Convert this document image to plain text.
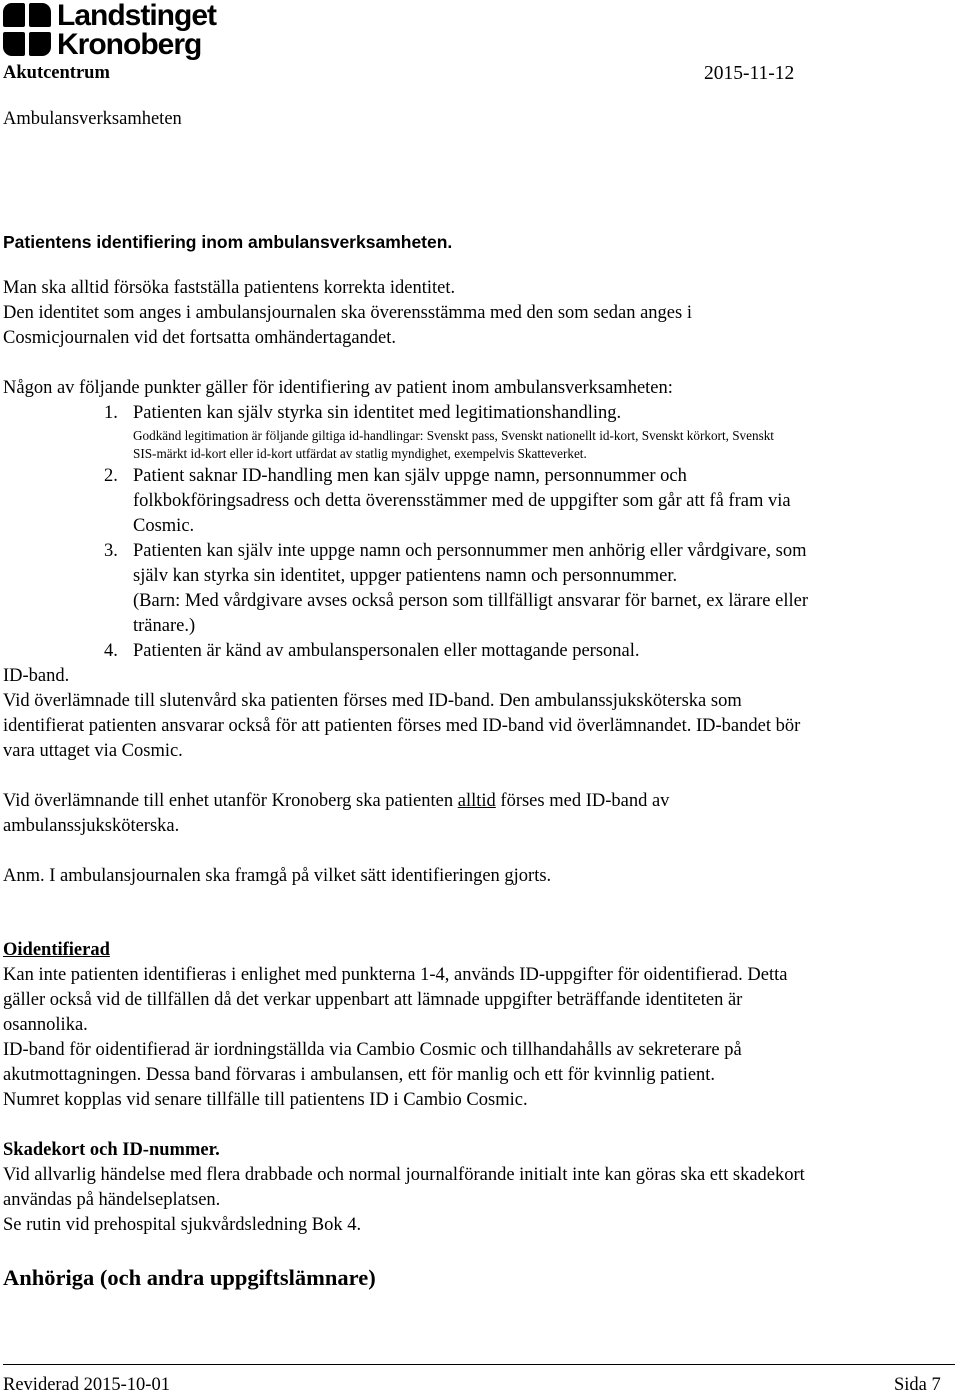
Landstinget
Kronoberg
Akutcentrum	2015-11-12
Ambulansverksamheten
Patientens identifiering inom ambulansverksamheten.
Man ska alltid försöka fastställa patientens korrekta identitet.
Den identitet som anges i ambulansjournalen ska överensstämma med den som sedan anges i
Cosmicjournalen vid det fortsatta omhändertagandet.
Någon av följande punkter gäller för identifiering av patient inom ambulansverksamheten:
1. Patienten kan själv styrka sin identitet med legitimationshandling.
Godkänd legitimation är följande giltiga id-handlingar: Svenskt pass, Svenskt nationellt id-kort, Svenskt körkort, Svenskt
SIS-märkt id-kort eller id-kort utfärdat av statlig myndighet, exempelvis Skatteverket.
2. Patient saknar ID-handling men kan själv uppge namn, personnummer och
folkbokföringsadress och detta överensstämmer med de uppgifter som går att få fram via
Cosmic.
3. Patienten kan själv inte uppge namn och personnummer men anhörig eller vårdgivare, som
själv kan styrka sin identitet, uppger patientens namn och personnummer.
(Barn: Med vårdgivare avses också person som tillfälligt ansvarar för barnet, ex lärare eller
tränare.)
4. Patienten är känd av ambulanspersonalen eller mottagande personal.
ID-band.
Vid överlämnade till slutenvård ska patienten förses med ID-band. Den ambulanssjuksköterska som
identifierat patienten ansvarar också för att patienten förses med ID-band vid överlämnandet. ID-bandet bör
vara uttaget via Cosmic.
Vid överlämnande till enhet utanför Kronoberg ska patienten alltid förses med ID-band av
ambulanssjuksköterska.
Anm. I ambulansjournalen ska framgå på vilket sätt identifieringen gjorts.
Oidentifierad
Kan inte patienten identifieras i enlighet med punkterna 1-4, används ID-uppgifter för oidentifierad. Detta
gäller också vid de tillfällen då det verkar uppenbart att lämnade uppgifter beträffande identiteten är
osannolika.
ID-band för oidentifierad är iordningställda via Cambio Cosmic och tillhandahålls av sekreterare på
akutmottagningen. Dessa band förvaras i ambulansen, ett för manlig och ett för kvinnlig patient.
Numret kopplas vid senare tillfälle till patientens ID i Cambio Cosmic.
Skadekort och ID-nummer.
Vid allvarlig händelse med flera drabbade och normal journalförande initialt inte kan göras ska ett skadekort
användas på händelseplatsen.
Se rutin vid prehospital sjukvårdsledning Bok 4.
Anhöriga (och andra uppgiftslämnare)
Reviderad 2015-10-01	Sida 7
